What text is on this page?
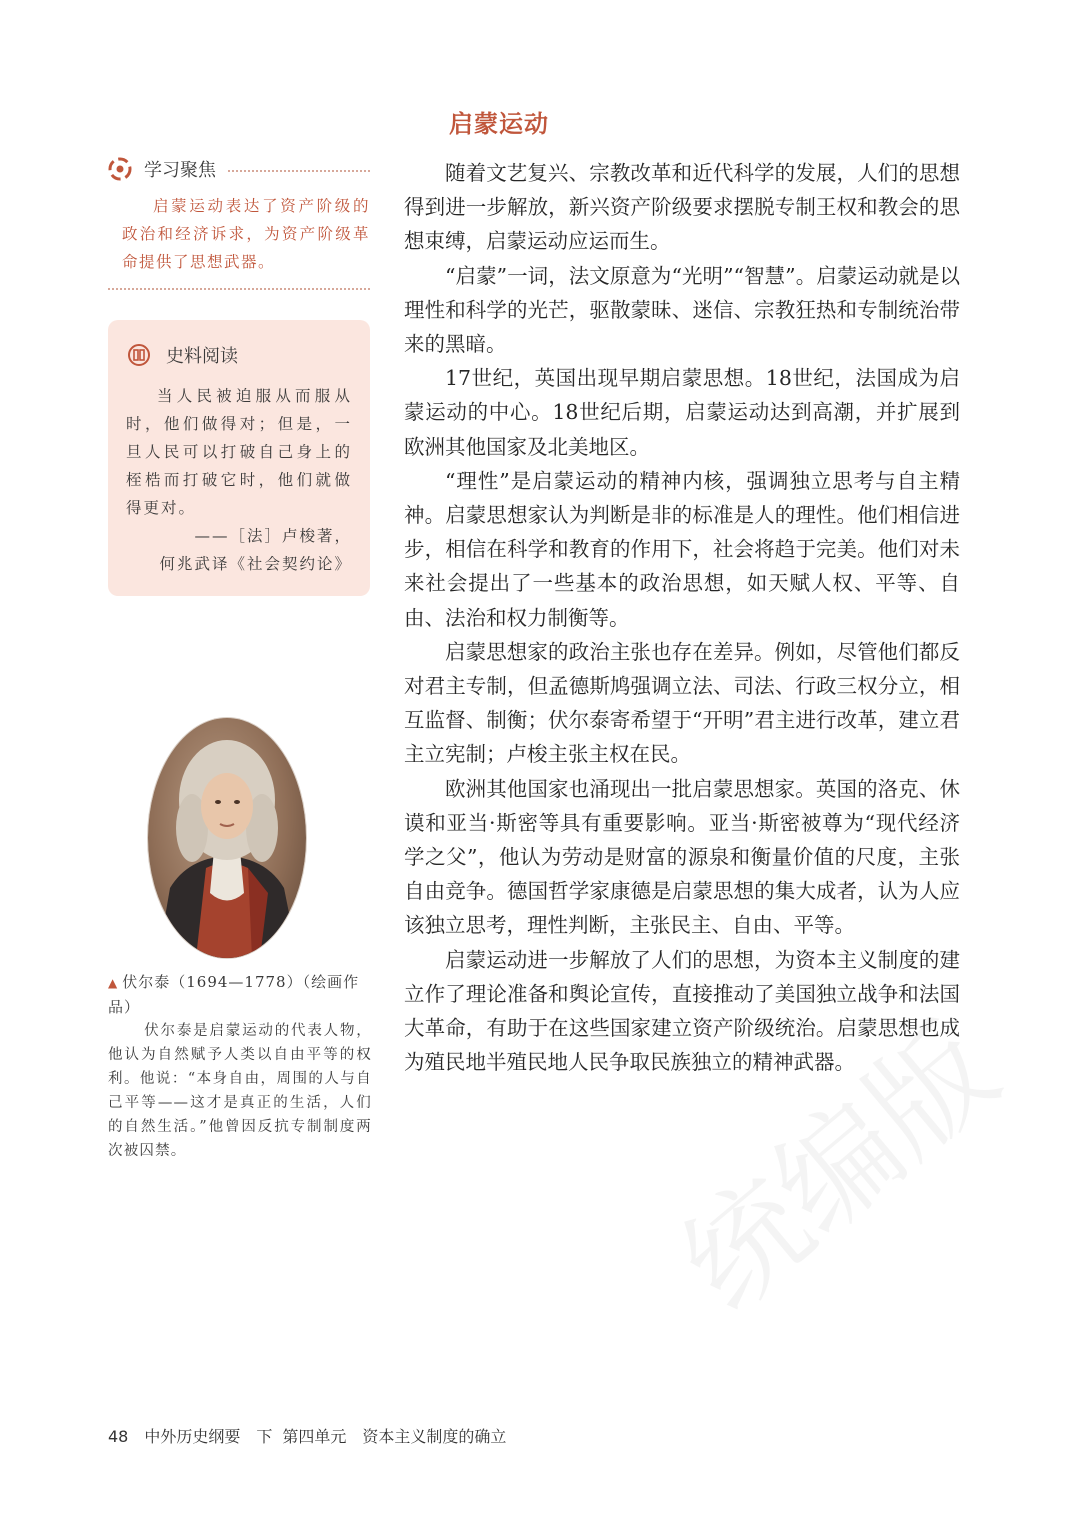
启蒙运动
学习聚焦
启蒙运动表达了资产阶级的政治和经济诉求，为资产阶级革命提供了思想武器。
史料阅读

当人民被迫服从而服从时，他们做得对；但是，一旦人民可以打破自己身上的桎梏而打破它时，他们就做得更对。

——［法］卢梭著，

何兆武译《社会契约论》

▲ 伏尔泰（1694—1778）（绘画作品）

伏尔泰是启蒙运动的代表人物，他认为自然赋予人类以自由平等的权利。他说：“本身自由，周围的人与自己平等——这才是真正的生活，人们的自然生活。”他曾因反抗专制制度两次被囚禁。

随着文艺复兴、宗教改革和近代科学的发展，人们的思想得到进一步解放，新兴资产阶级要求摆脱专制王权和教会的思想束缚，启蒙运动应运而生。

“启蒙”一词，法文原意为“光明”“智慧”。启蒙运动就是以理性和科学的光芒，驱散蒙昧、迷信、宗教狂热和专制统治带来的黑暗。

17世纪，英国出现早期启蒙思想。18世纪，法国成为启蒙运动的中心。18世纪后期，启蒙运动达到高潮，并扩展到欧洲其他国家及北美地区。

“理性”是启蒙运动的精神内核，强调独立思考与自主精神。启蒙思想家认为判断是非的标准是人的理性。他们相信进步，相信在科学和教育的作用下，社会将趋于完美。他们对未来社会提出了一些基本的政治思想，如天赋人权、平等、自由、法治和权力制衡等。

启蒙思想家的政治主张也存在差异。例如，尽管他们都反对君主专制，但孟德斯鸠强调立法、司法、行政三权分立，相互监督、制衡；伏尔泰寄希望于“开明”君主进行改革，建立君主立宪制；卢梭主张主权在民。

欧洲其他国家也涌现出一批启蒙思想家。英国的洛克、休谟和亚当·斯密等具有重要影响。亚当·斯密被尊为“现代经济学之父”，他认为劳动是财富的源泉和衡量价值的尺度，主张自由竞争。德国哲学家康德是启蒙思想的集大成者，认为人应该独立思考，理性判断，主张民主、自由、平等。

启蒙运动进一步解放了人们的思想，为资本主义制度的建立作了理论准备和舆论宣传，直接推动了美国独立战争和法国大革命，有助于在这些国家建立资产阶级统治。启蒙思想也成为殖民地半殖民地人民争取民族独立的精神武器。

48 中外历史纲要 下 第四单元 资本主义制度的确立
